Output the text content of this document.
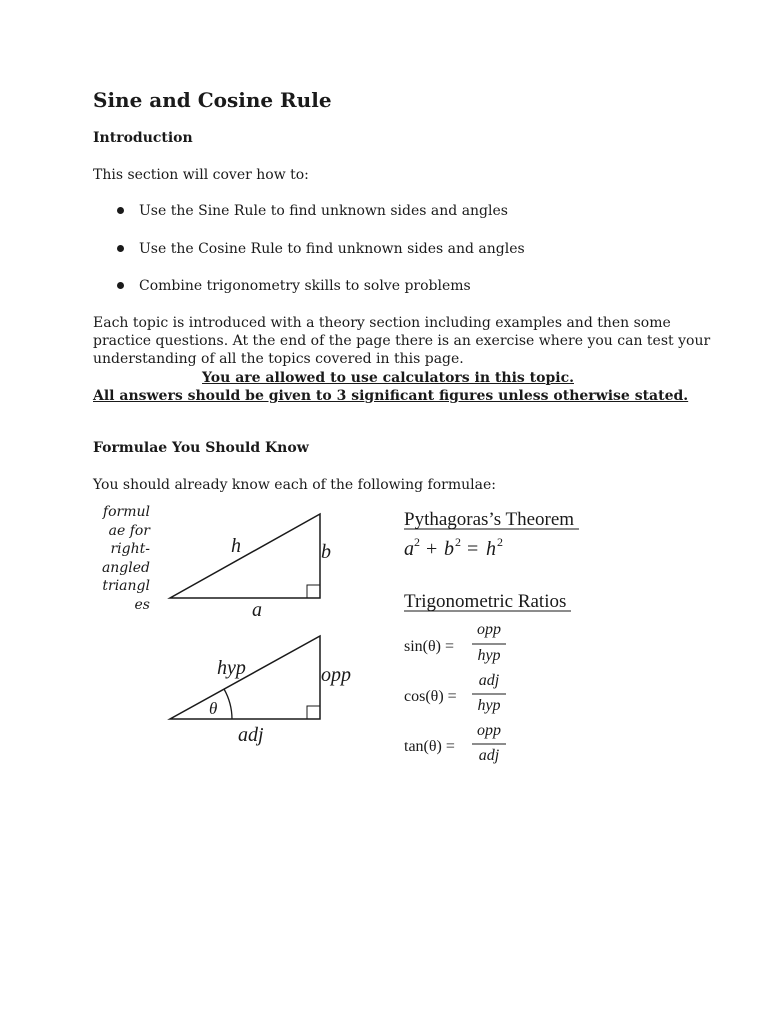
Sine and Cosine Rule
Introduction
This section will cover how to:
Use the Sine Rule to find unknown sides and angles
Use the Cosine Rule to find unknown sides and angles
Combine trigonometry skills to solve problems
Each topic is introduced with a theory section including examples and then some
practice questions. At the end of the page there is an exercise where you can test your
understanding of all the topics covered in this page.
You are allowed to use calculators in this topic.
All answers should be given to 3 significant figures unless otherwise stated.
Formulae You Should Know
You should already know each of the following formulae:
formul
ae for
right-
angled
triangl
es
h	b
a
hyp	opp
adj
θ
Pythagoras’s Theorem
a 2 + b 2 = h 2
Trigonometric Ratios
sin(θ) =
opp
hyp
cos(θ) =
adj
hyp
tan(θ) =
opp
adj
